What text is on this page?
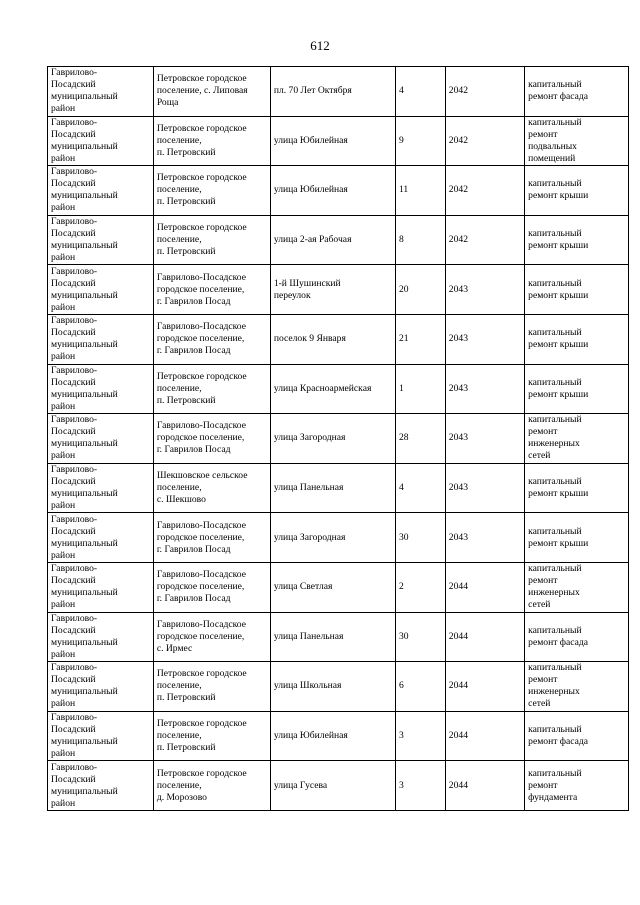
612
Гаврилово-
Посадский
муниципальный
район	Петровское городское
поселение, с. Липовая
Роща	пл. 70 Лет Октября	4	2042	капитальный
ремонт фасада

Гаврилово-
Посадский
муниципальный
район	Петровское городское
поселение,
п. Петровский	улица Юбилейная	9	2042	капитальный
ремонт
подвальных
помещений

Гаврилово-
Посадский
муниципальный
район	Петровское городское
поселение,
п. Петровский	улица Юбилейная	11	2042	капитальный
ремонт крыши

Гаврилово-
Посадский
муниципальный
район	Петровское городское
поселение,
п. Петровский	улица 2-ая Рабочая	8	2042	капитальный
ремонт крыши

Гаврилово-
Посадский
муниципальный
район	Гаврилово-Посадское
городское поселение,
г. Гаврилов Посад	1-й Шушинский
переулок	20	2043	капитальный
ремонт крыши

Гаврилово-
Посадский
муниципальный
район	Гаврилово-Посадское
городское поселение,
г. Гаврилов Посад	поселок 9 Января	21	2043	капитальный
ремонт крыши

Гаврилово-
Посадский
муниципальный
район	Петровское городское
поселение,
п. Петровский	улица Красноармейская	1	2043	капитальный
ремонт крыши

Гаврилово-
Посадский
муниципальный
район	Гаврилово-Посадское
городское поселение,
г. Гаврилов Посад	улица Загородная	28	2043	капитальный
ремонт
инженерных
сетей

Гаврилово-
Посадский
муниципальный
район	Шекшовское сельское
поселение,
с. Шекшово	улица Панельная	4	2043	капитальный
ремонт крыши

Гаврилово-
Посадский
муниципальный
район	Гаврилово-Посадское
городское поселение,
г. Гаврилов Посад	улица Загородная	30	2043	капитальный
ремонт крыши

Гаврилово-
Посадский
муниципальный
район	Гаврилово-Посадское
городское поселение,
г. Гаврилов Посад	улица Светлая	2	2044	капитальный
ремонт
инженерных
сетей

Гаврилово-
Посадский
муниципальный
район	Гаврилово-Посадское
городское поселение,
с. Ирмес	улица Панельная	30	2044	капитальный
ремонт фасада

Гаврилово-
Посадский
муниципальный
район	Петровское городское
поселение,
п. Петровский	улица Школьная	6	2044	капитальный
ремонт
инженерных
сетей

Гаврилово-
Посадский
муниципальный
район	Петровское городское
поселение,
п. Петровский	улица Юбилейная	3	2044	капитальный
ремонт фасада

Гаврилово-
Посадский
муниципальный
район	Петровское городское
поселение,
д. Морозово	улица Гусева	3	2044	капитальный
ремонт
фундамента
